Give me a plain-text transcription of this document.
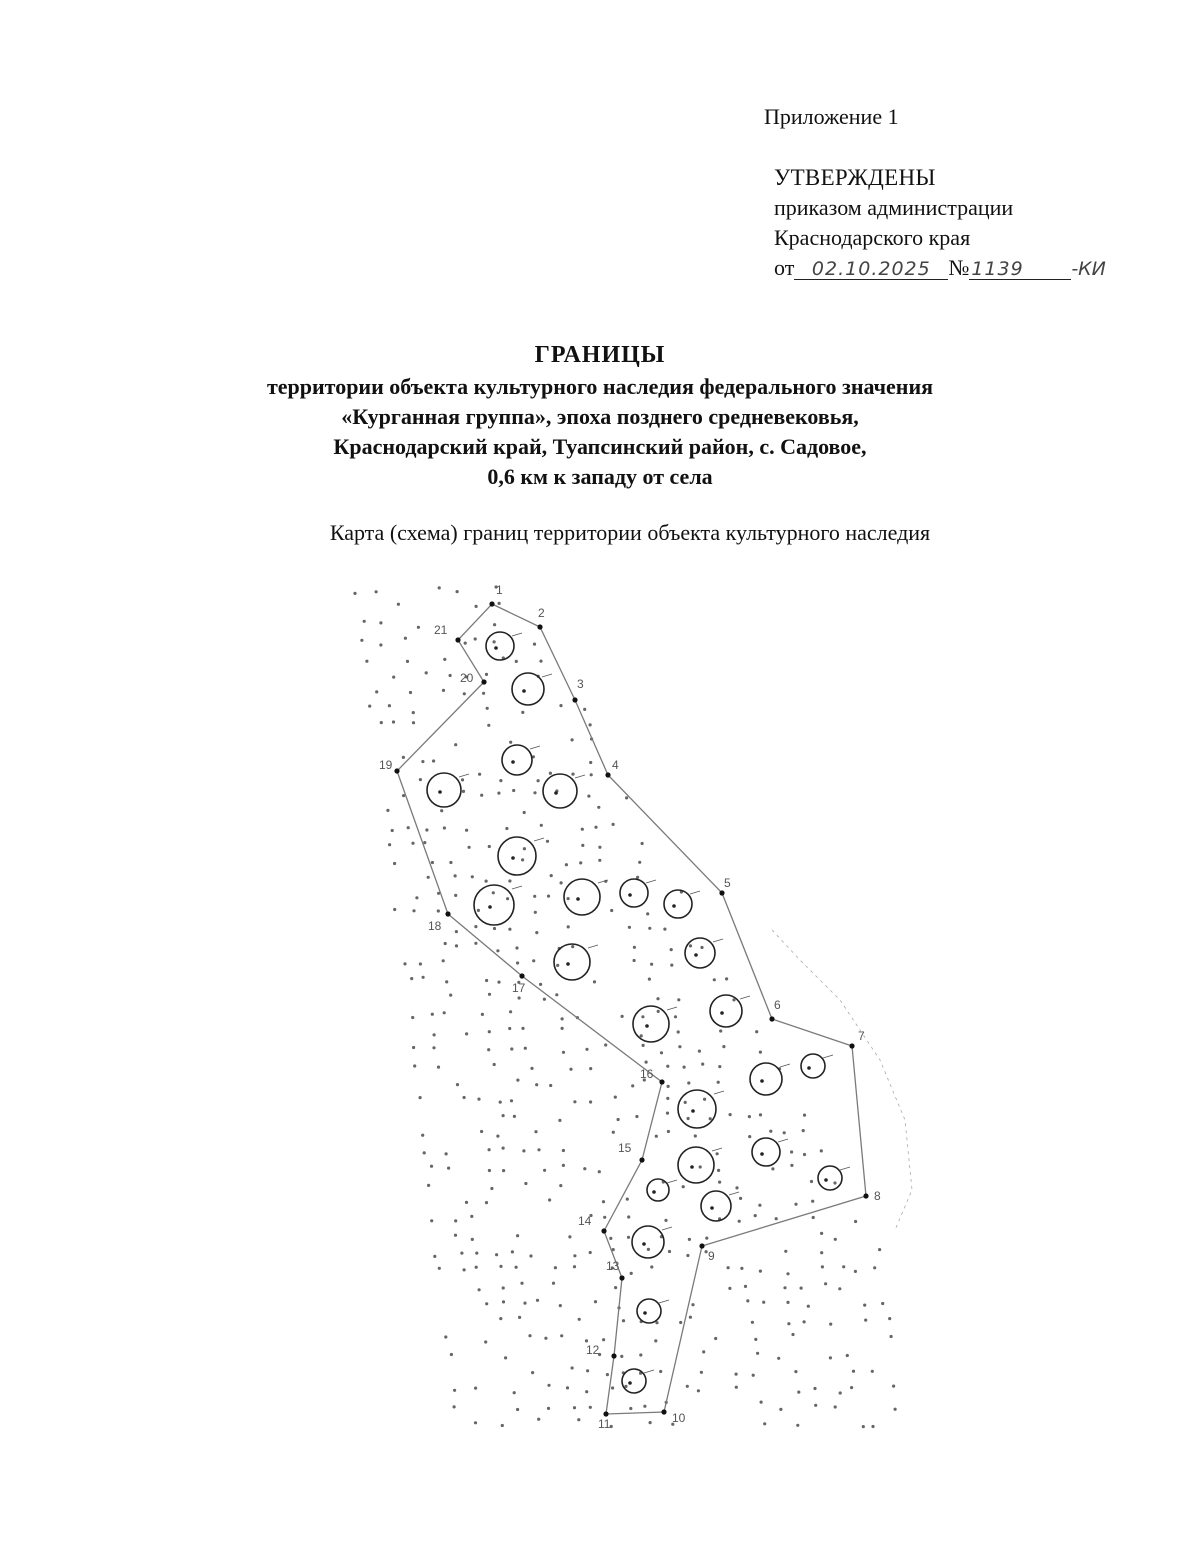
Приложение 1
УТВЕРЖДЕНЫ
приказом администрации
Краснодарского края
от 02.10.2025 № 1139	-КИ
ГРАНИЦЫ
территории объекта культурного наследия федерального значения
«Курганная группа», эпоха позднего средневековья,
Краснодарский край, Туапсинский район, с. Садовое,
0,6 км к западу от села
Карта (схема) границ территории объекта культурного наследия
1
2
3
4
5
6
7
8
9
10
11
12
13
14
15
16
17
18
19
20
21
